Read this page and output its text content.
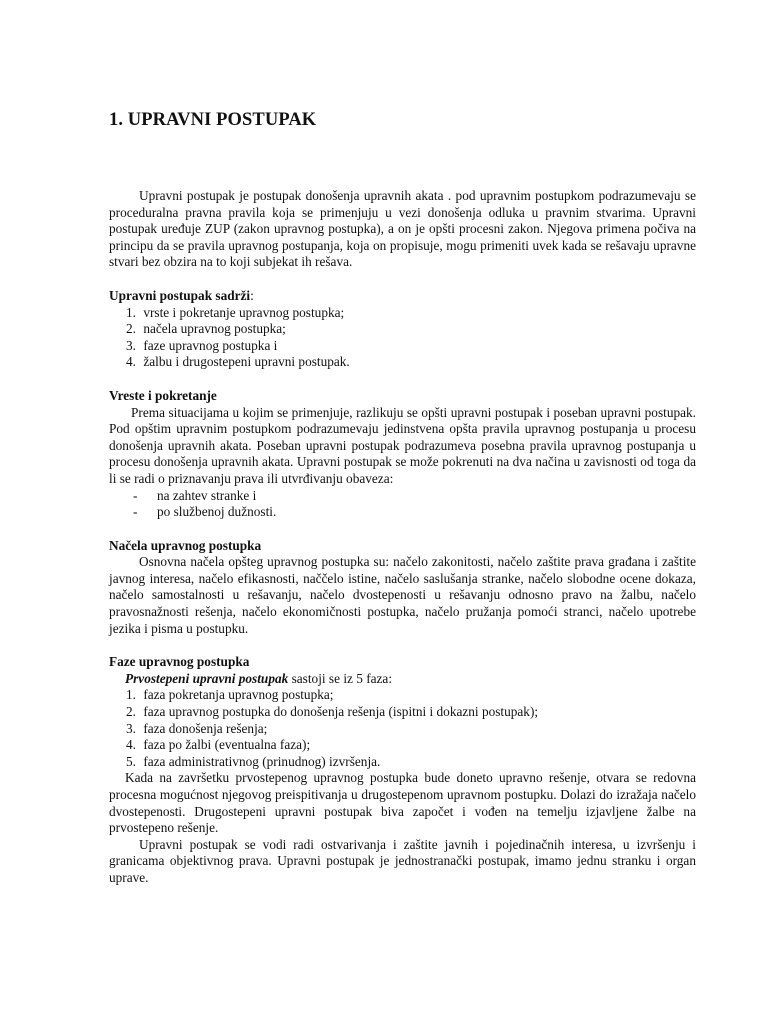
1. UPRAVNI POSTUPAK

Upravni postupak je postupak donošenja upravnih akata . pod upravnim postupkom podrazumevaju se proceduralna pravna pravila koja se primenjuju u vezi donošenja odluka u pravnim stvarima. Upravni postupak uređuje ZUP (zakon upravnog postupka), a on je opšti procesni zakon. Njegova primena počiva na principu da se pravila upravnog postupanja, koja on propisuje, mogu primeniti uvek kada se rešavaju upravne stvari bez obzira na to koji subjekat ih rešava.

Upravni postupak sadrži:

1. vrste i pokretanje upravnog postupka;
2. načela upravnog postupka;
3. faze upravnog postupka i
4. žalbu i drugostepeni upravni postupak.

Vreste i pokretanje

Prema situacijama u kojim se primenjuje, razlikuju se opšti upravni postupak i poseban upravni postupak. Pod opštim upravnim postupkom podrazumevaju jedinstvena opšta pravila upravnog postupanja u procesu donošenja upravnih akata. Poseban upravni postupak podrazumeva posebna pravila upravnog postupanja u procesu donošenja upravnih akata. Upravni postupak se može pokrenuti na dva načina u zavisnosti od toga da li se radi o priznavanju prava ili utvrđivanju obaveza:

- na zahtev stranke i
- po službenoj dužnosti.

Načela upravnog postupka

Osnovna načela opšteg upravnog postupka su: načelo zakonitosti, načelo zaštite prava građana i zaštite javnog interesa, načelo efikasnosti, naččelo istine, načelo saslušanja stranke, načelo slobodne ocene dokaza, načelo samostalnosti u rešavanju, načelo dvostepenosti u rešavanju odnosno pravo na žalbu, načelo pravosnažnosti rešenja, načelo ekonomičnosti postupka, načelo pružanja pomoći stranci, načelo upotrebe jezika i pisma u postupku.

Faze upravnog postupka

Prvostepeni upravni postupak sastoji se iz 5 faza:

1. faza pokretanja upravnog postupka;
2. faza upravnog postupka do donošenja rešenja (ispitni i dokazni postupak);
3. faza donošenja rešenja;
4. faza po žalbi (eventualna faza);
5. faza administrativnog (prinudnog) izvršenja.

Kada na završetku prvostepenog upravnog postupka bude doneto upravno rešenje, otvara se redovna procesna mogućnost njegovog preispitivanja u drugostepenom upravnom postupku. Dolazi do izražaja načelo dvostepenosti. Drugostepeni upravni postupak biva započet i vođen na temelju izjavljene žalbe na prvostepeno rešenje.

Upravni postupak se vodi radi ostvarivanja i zaštite javnih i pojedinačnih interesa, u izvršenju i granicama objektivnog prava. Upravni postupak je jednostranački postupak, imamo jednu stranku i organ uprave.
